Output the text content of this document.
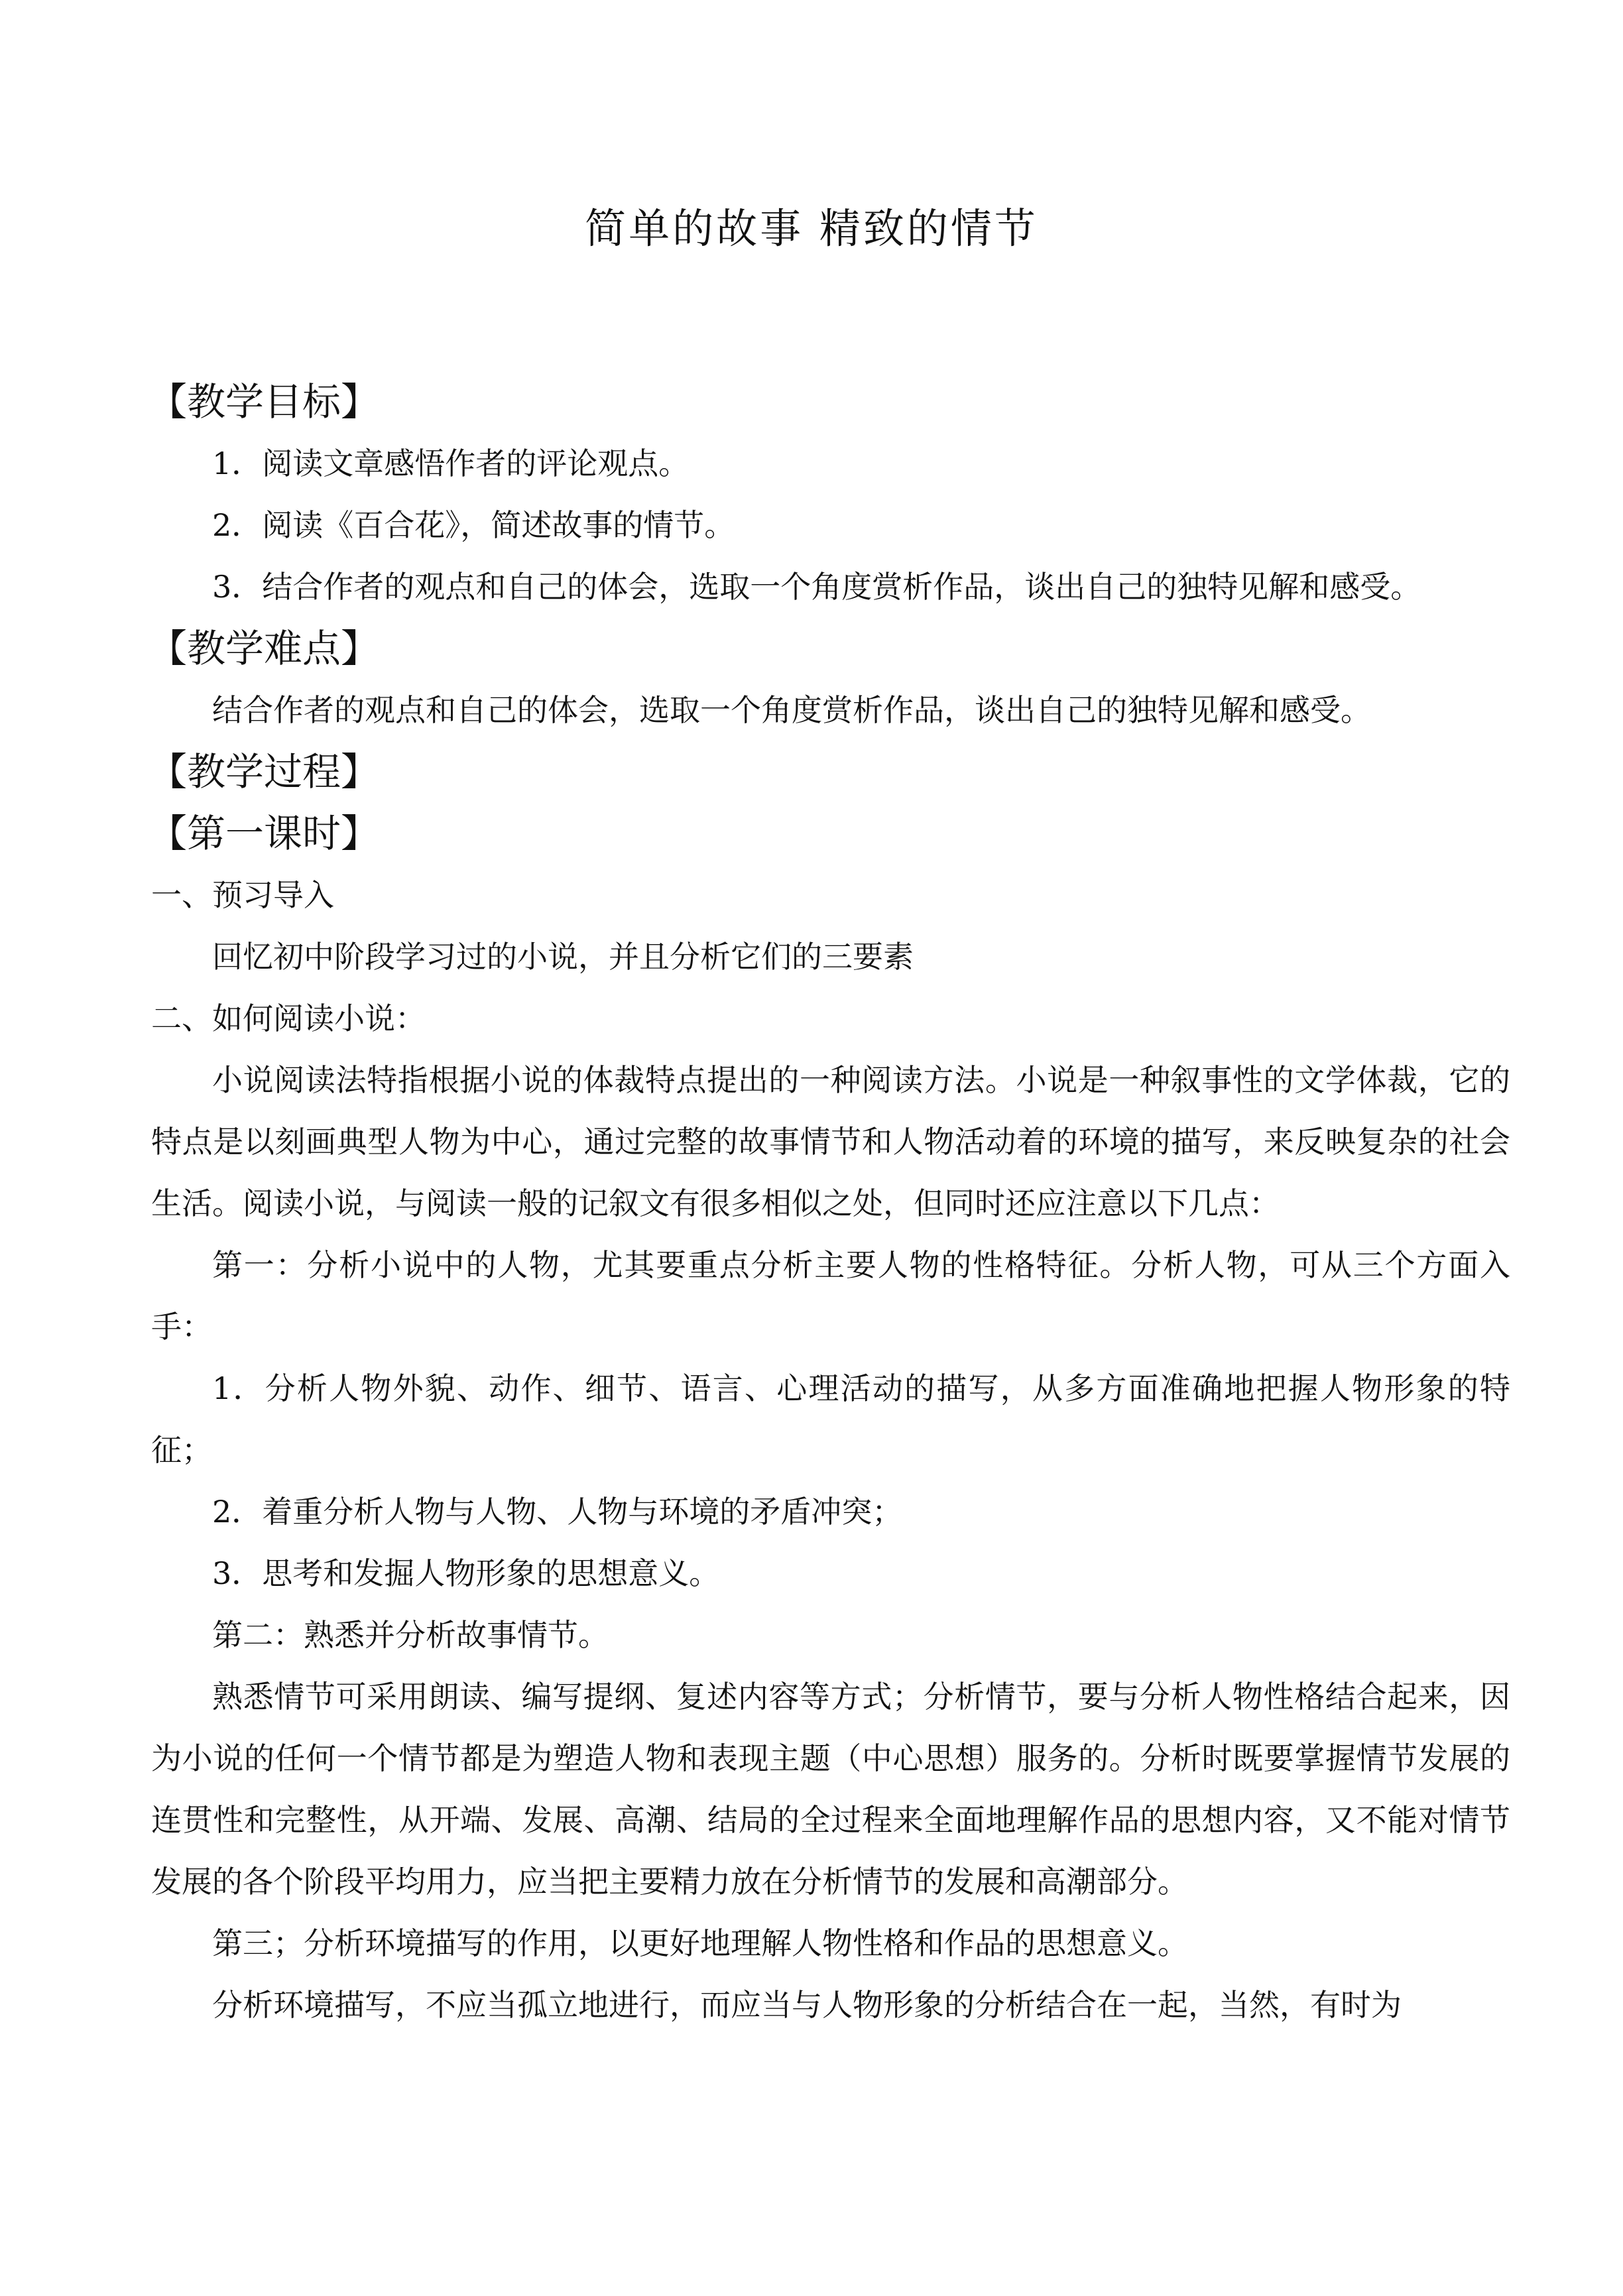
简单的故事 精致的情节
【教学目标】
1．阅读文章感悟作者的评论观点。
2．阅读《百合花》，简述故事的情节。
3．结合作者的观点和自己的体会，选取一个角度赏析作品，谈出自己的独特见解和感受。
【教学难点】
结合作者的观点和自己的体会，选取一个角度赏析作品，谈出自己的独特见解和感受。
【教学过程】
【第一课时】
一、预习导入
回忆初中阶段学习过的小说，并且分析它们的三要素
二、如何阅读小说：
小说阅读法特指根据小说的体裁特点提出的一种阅读方法。小说是一种叙事性的文学体裁，它的特点是以刻画典型人物为中心，通过完整的故事情节和人物活动着的环境的描写，来反映复杂的社会生活。阅读小说，与阅读一般的记叙文有很多相似之处，但同时还应注意以下几点：
第一：分析小说中的人物，尤其要重点分析主要人物的性格特征。分析人物，可从三个方面入手：
1．分析人物外貌、动作、细节、语言、心理活动的描写，从多方面准确地把握人物形象的特征；
2．着重分析人物与人物、人物与环境的矛盾冲突；
3．思考和发掘人物形象的思想意义。
第二：熟悉并分析故事情节。
熟悉情节可采用朗读、编写提纲、复述内容等方式；分析情节，要与分析人物性格结合起来，因为小说的任何一个情节都是为塑造人物和表现主题（中心思想）服务的。分析时既要掌握情节发展的连贯性和完整性，从开端、发展、高潮、结局的全过程来全面地理解作品的思想内容，又不能对情节发展的各个阶段平均用力，应当把主要精力放在分析情节的发展和高潮部分。
第三；分析环境描写的作用，以更好地理解人物性格和作品的思想意义。
分析环境描写，不应当孤立地进行，而应当与人物形象的分析结合在一起，当然，有时为
